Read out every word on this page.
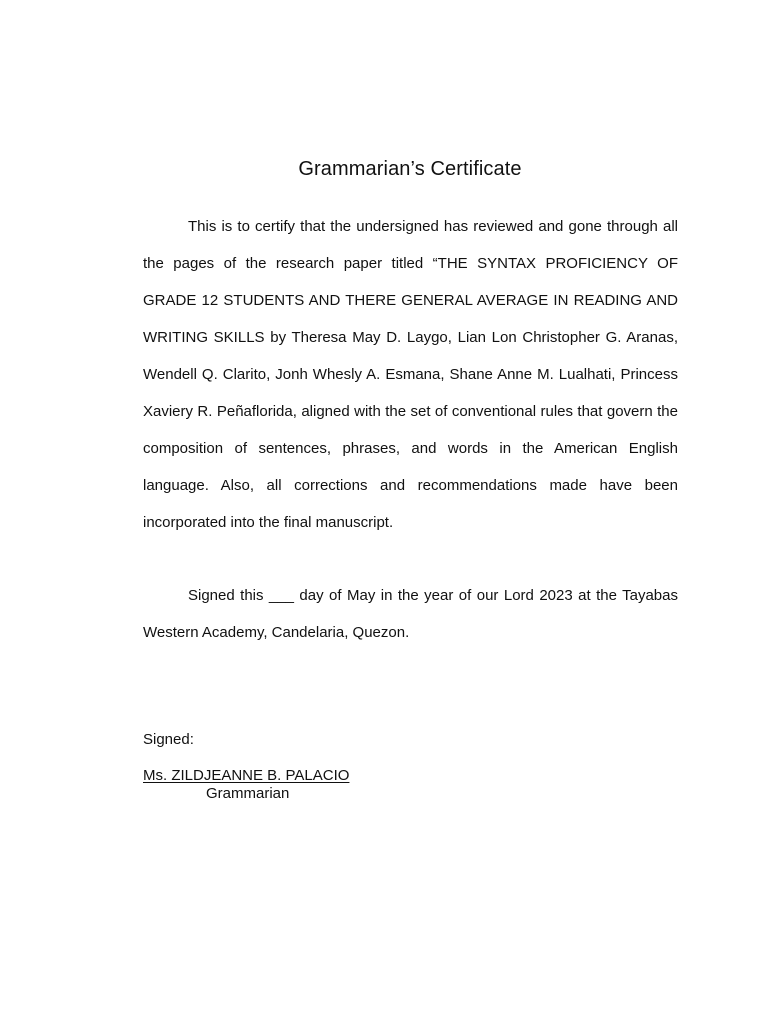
Grammarian’s Certificate

This is to certify that the undersigned has reviewed and gone through all the pages of the research paper titled “THE SYNTAX PROFICIENCY OF GRADE 12 STUDENTS AND THERE GENERAL AVERAGE IN READING AND WRITING SKILLS by Theresa May D. Laygo, Lian Lon Christopher G. Aranas, Wendell Q. Clarito, Jonh Whesly A. Esmana, Shane Anne M. Lualhati, Princess Xaviery R. Peñaflorida, aligned with the set of conventional rules that govern the composition of sentences, phrases, and words in the American English language. Also, all corrections and recommendations made have been incorporated into the final manuscript.

Signed this ___ day of May in the year of our Lord 2023 at the Tayabas Western Academy, Candelaria, Quezon.

Signed:

Ms. ZILDJEANNE B. PALACIO
Grammarian
